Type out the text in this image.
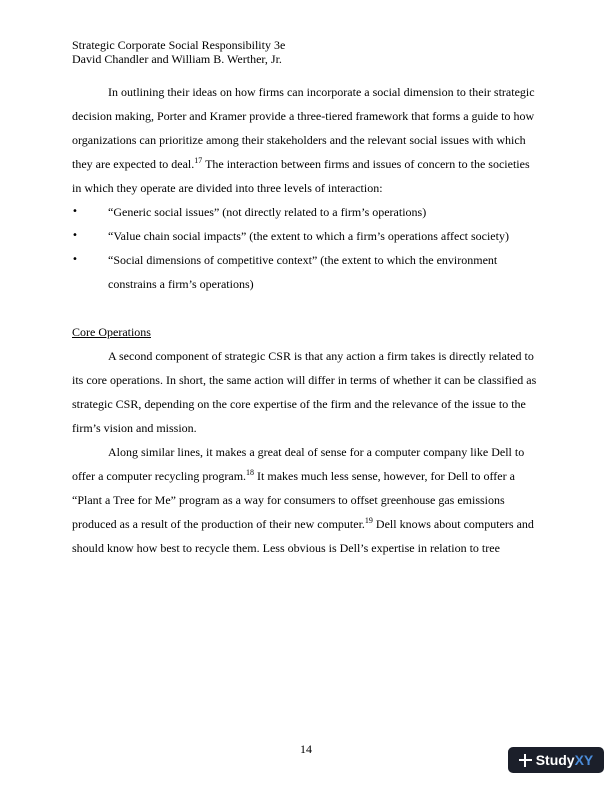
Strategic Corporate Social Responsibility 3e
David Chandler and William B. Werther, Jr.

In outlining their ideas on how firms can incorporate a social dimension to their strategic decision making, Porter and Kramer provide a three-tiered framework that forms a guide to how organizations can prioritize among their stakeholders and the relevant social issues with which they are expected to deal.$^{17}$ The interaction between firms and issues of concern to the societies in which they operate are divided into three levels of interaction:

•	“Generic social issues” (not directly related to a firm’s operations)
•	“Value chain social impacts” (the extent to which a firm’s operations affect society)
•	“Social dimensions of competitive context” (the extent to which the environment constrains a firm’s operations)
Core Operations

A second component of strategic CSR is that any action a firm takes is directly related to its core operations. In short, the same action will differ in terms of whether it can be classified as strategic CSR, depending on the core expertise of the firm and the relevance of the issue to the firm’s vision and mission.

Along similar lines, it makes a great deal of sense for a computer company like Dell to offer a computer recycling program.$^{18}$ It makes much less sense, however, for Dell to offer a “Plant a Tree for Me” program as a way for consumers to offset greenhouse gas emissions produced as a result of the production of their new computer.$^{19}$ Dell knows about computers and should know how best to recycle them. Less obvious is Dell’s expertise in relation to tree

14
StudyXY
